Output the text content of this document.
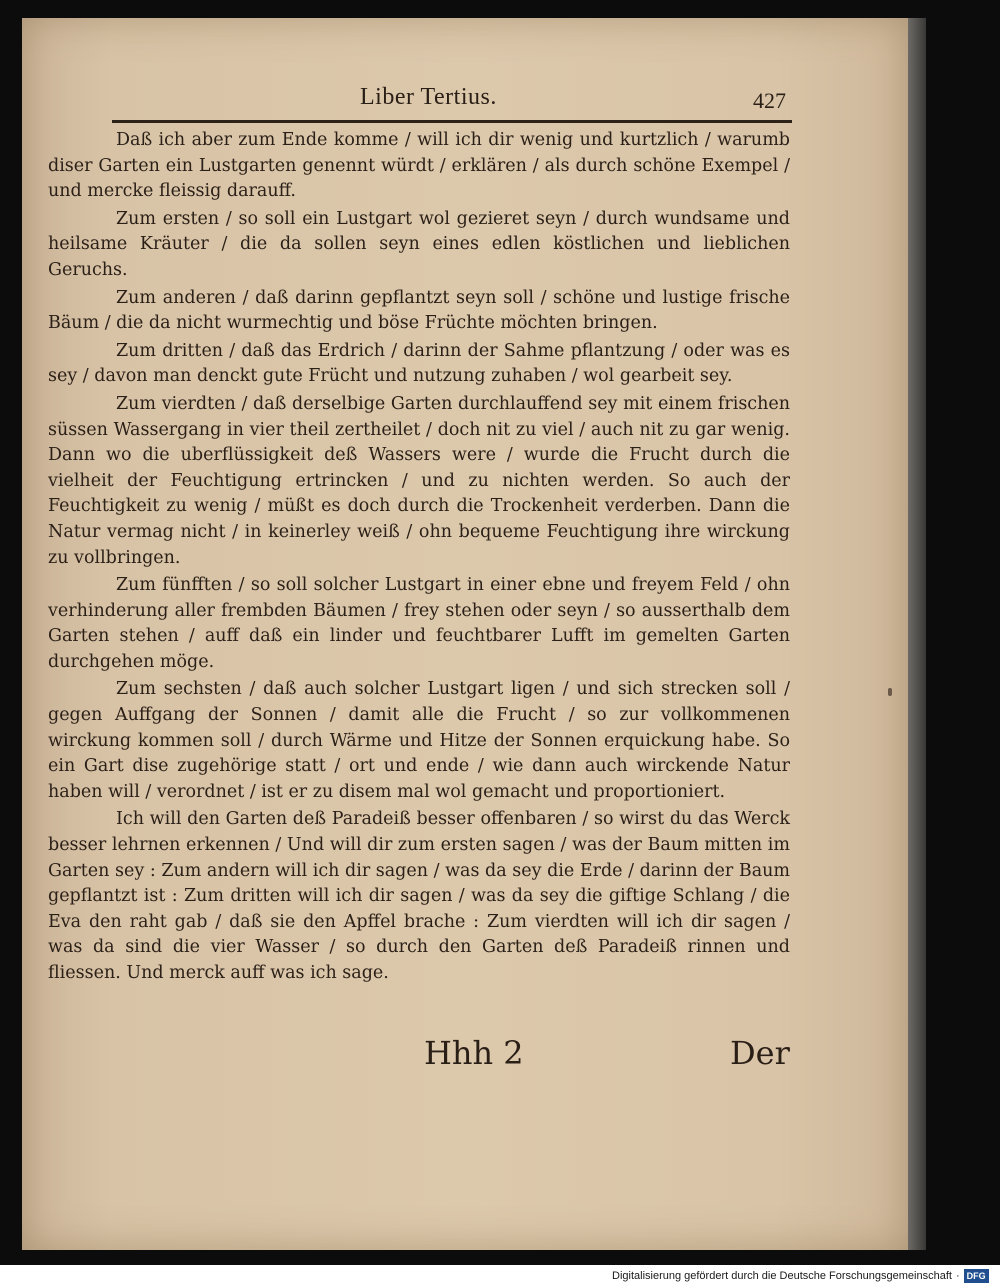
Liber Tertius.	427

Daß ich aber zum Ende komme / will ich dir wenig und kurtzlich / warumb diser Garten ein Lustgarten genennt würdt / erklären / als durch schöne Exempel / und mercke fleissig darauff.

Zum ersten / so soll ein Lustgart wol gezieret seyn / durch wundsame und heilsame Kräuter / die da sollen seyn eines edlen köstlichen und lieblichen Geruchs.

Zum anderen / daß darinn gepflantzt seyn soll / schöne und lustige frische Bäum / die da nicht wurmechtig und böse Früchte möchten bringen.

Zum dritten / daß das Erdrich / darinn der Sahme pflantzung / oder was es sey / davon man denckt gute Frücht und nutzung zuhaben / wol gearbeit sey.

Zum vierdten / daß derselbige Garten durchlauffend sey mit einem frischen süssen Wassergang in vier theil zertheilet / doch nit zu viel / auch nit zu gar wenig. Dann wo die uberflüssigkeit deß Wassers were / wurde die Frucht durch die vielheit der Feuchtigung ertrincken / und zu nichten werden. So auch der Feuchtigkeit zu wenig / müßt es doch durch die Trockenheit verderben. Dann die Natur vermag nicht / in keinerley weiß / ohn bequeme Feuchtigung ihre wirckung zu vollbringen.

Zum fünfften / so soll solcher Lustgart in einer ebne und freyem Feld / ohn verhinderung aller frembden Bäumen / frey stehen oder seyn / so ausserthalb dem Garten stehen / auff daß ein linder und feuchtbarer Lufft im gemelten Garten durchgehen möge.

Zum sechsten / daß auch solcher Lustgart ligen / und sich strecken soll / gegen Auffgang der Sonnen / damit alle die Frucht / so zur vollkommenen wirckung kommen soll / durch Wärme und Hitze der Sonnen erquickung habe. So ein Gart dise zugehörige statt / ort und ende / wie dann auch wirckende Natur haben will / verordnet / ist er zu disem mal wol gemacht und proportioniert.

Ich will den Garten deß Paradeiß besser offenbaren / so wirst du das Werck besser lehrnen erkennen / Und will dir zum ersten sagen / was der Baum mitten im Garten sey : Zum andern will ich dir sagen / was da sey die Erde / darinn der Baum gepflantzt ist : Zum dritten will ich dir sagen / was da sey die giftige Schlang / die Eva den raht gab / daß sie den Apffel brache : Zum vierdten will ich dir sagen / was da sind die vier Wasser / so durch den Garten deß Paradeiß rinnen und fliessen. Und merck auff was ich sage.

Hhh 2	Der
Digitalisierung gefördert durch die Deutsche Forschungsgemeinschaft · DFG
